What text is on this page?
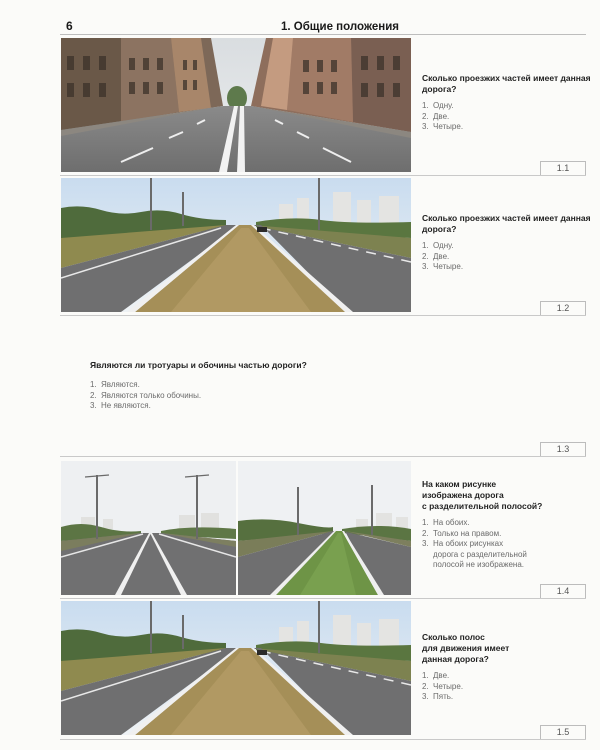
6	1. Общие положения
Сколько проезжих частей имеет данная дорога?
1. Одну.
2. Две.
3. Четыре.
1.1
Сколько проезжих частей имеет данная дорога?
1. Одну.
2. Две.
3. Четыре.
1.2
Являются ли тротуары и обочины частью дороги?
1. Являются.
2. Являются только обочины.
3. Не являются.
1.3
На каком рисунке
изображена дорога
с разделительной полосой?
1. На обоих.
2. Только на правом.
3. На обоих рисунках
дорога с разделительной
полосой не изображена.
1.4
Сколько полос
для движения имеет
данная дорога?
1. Две.
2. Четыре.
3. Пять.
1.5
